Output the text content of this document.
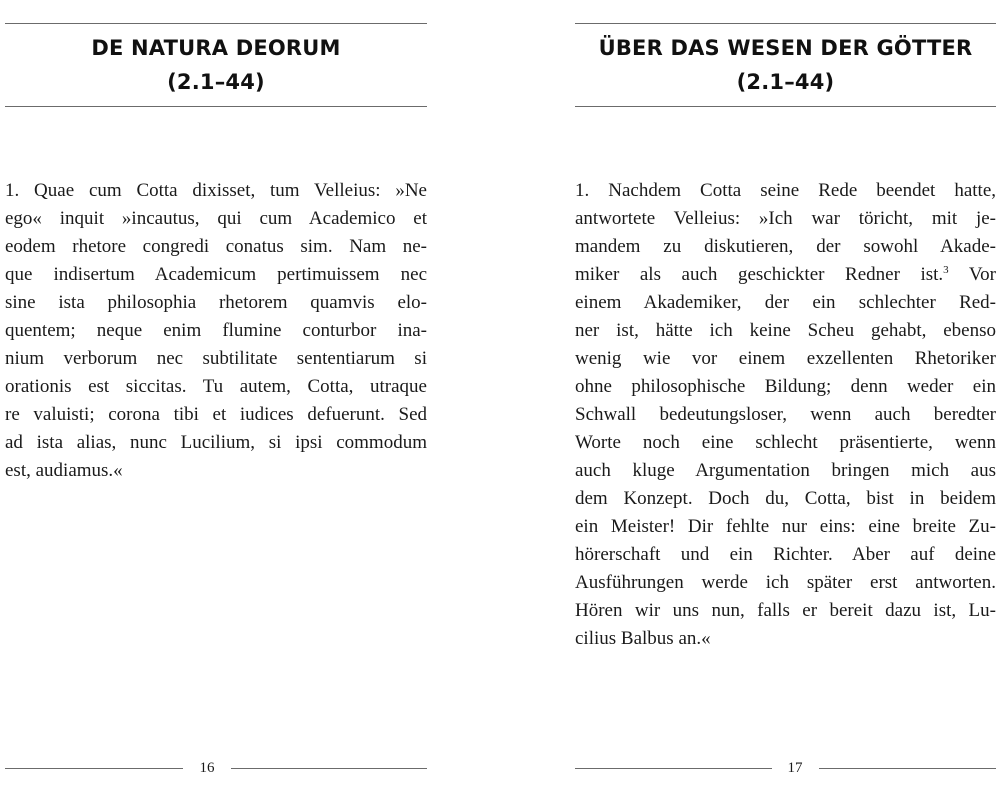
DE NATURA DEORUM
(2.1–44)
1. Quae cum Cotta dixisset, tum Velleius: »Ne
ego« inquit »incautus, qui cum Academico et
eodem rhetore congredi conatus sim. Nam ne-
que indisertum Academicum pertimuissem nec
sine ista philosophia rhetorem quamvis elo-
quentem; neque enim flumine conturbor ina-
nium verborum nec subtilitate sententiarum si
orationis est siccitas. Tu autem, Cotta, utraque
re valuisti; corona tibi et iudices defuerunt. Sed
ad ista alias, nunc Lucilium, si ipsi commodum
est, audiamus.«
16
ÜBER DAS WESEN DER GÖTTER
(2.1–44)
1. Nachdem Cotta seine Rede beendet hatte,
antwortete Velleius: »Ich war töricht, mit je-
mandem zu diskutieren, der sowohl Akade-
miker als auch geschickter Redner ist.$^3$ Vor
einem Akademiker, der ein schlechter Red-
ner ist, hätte ich keine Scheu gehabt, ebenso
wenig wie vor einem exzellenten Rhetoriker
ohne philosophische Bildung; denn weder ein
Schwall bedeutungsloser, wenn auch beredter
Worte noch eine schlecht präsentierte, wenn
auch kluge Argumentation bringen mich aus
dem Konzept. Doch du, Cotta, bist in beidem
ein Meister! Dir fehlte nur eins: eine breite Zu-
hörerschaft und ein Richter. Aber auf deine
Ausführungen werde ich später erst antworten.
Hören wir uns nun, falls er bereit dazu ist, Lu-
cilius Balbus an.«
17
